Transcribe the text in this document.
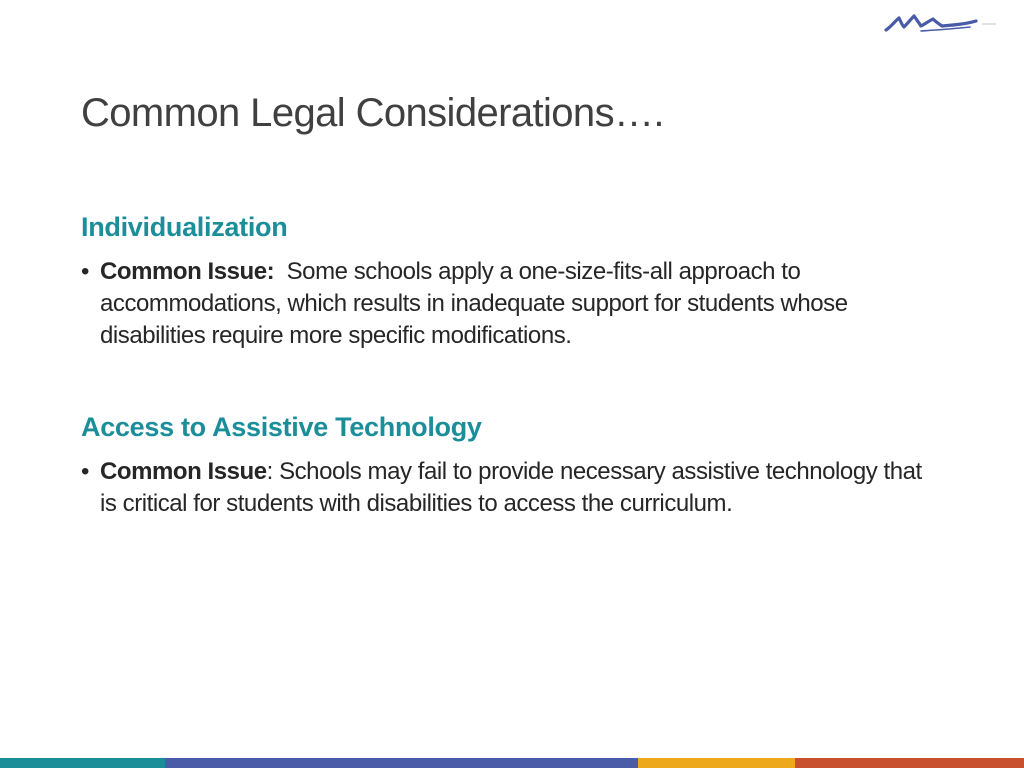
Common Legal Considerations….
Individualization
• Common Issue:  Some schools apply a one-size-fits-all approach to accommodations, which results in inadequate support for students whose disabilities require more specific modifications.
Access to Assistive Technology
• Common Issue: Schools may fail to provide necessary assistive technology that is critical for students with disabilities to access the curriculum.
